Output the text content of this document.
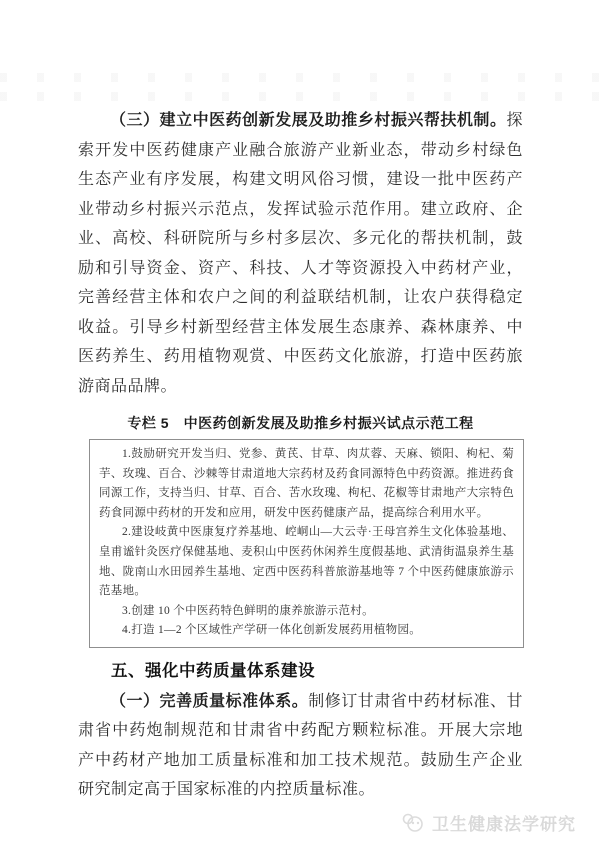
（三）建立中医药创新发展及助推乡村振兴帮扶机制。探索开发中医药健康产业融合旅游产业新业态，带动乡村绿色生态产业有序发展，构建文明风俗习惯，建设一批中医药产业带动乡村振兴示范点，发挥试验示范作用。建立政府、企业、高校、科研院所与乡村多层次、多元化的帮扶机制，鼓励和引导资金、资产、科技、人才等资源投入中药材产业，完善经营主体和农户之间的利益联结机制，让农户获得稳定收益。引导乡村新型经营主体发展生态康养、森林康养、中医药养生、药用植物观赏、中医药文化旅游，打造中医药旅游商品品牌。

专栏 5　中医药创新发展及助推乡村振兴试点示范工程

1.鼓励研究开发当归、党参、黄芪、甘草、肉苁蓉、天麻、锁阳、枸杞、菊芋、玫瑰、百合、沙棘等甘肃道地大宗药材及药食同源特色中药资源。推进药食同源工作，支持当归、甘草、百合、苦水玫瑰、枸杞、花椒等甘肃地产大宗特色药食同源中药材的开发和应用，研发中医药健康产品，提高综合利用水平。

2.建设岐黄中医康复疗养基地、崆峒山—大云寺·王母宫养生文化体验基地、皇甫谧针灸医疗保健基地、麦积山中医药休闲养生度假基地、武清街温泉养生基地、陇南山水田园养生基地、定西中医药科普旅游基地等 7 个中医药健康旅游示范基地。

3.创建 10 个中医药特色鲜明的康养旅游示范村。

4.打造 1—2 个区域性产学研一体化创新发展药用植物园。

五、强化中药质量体系建设

（一）完善质量标准体系。制修订甘肃省中药材标准、甘肃省中药炮制规范和甘肃省中药配方颗粒标准。开展大宗地产中药材产地加工质量标准和加工技术规范。鼓励生产企业研究制定高于国家标准的内控质量标准。

卫生健康法学研究
